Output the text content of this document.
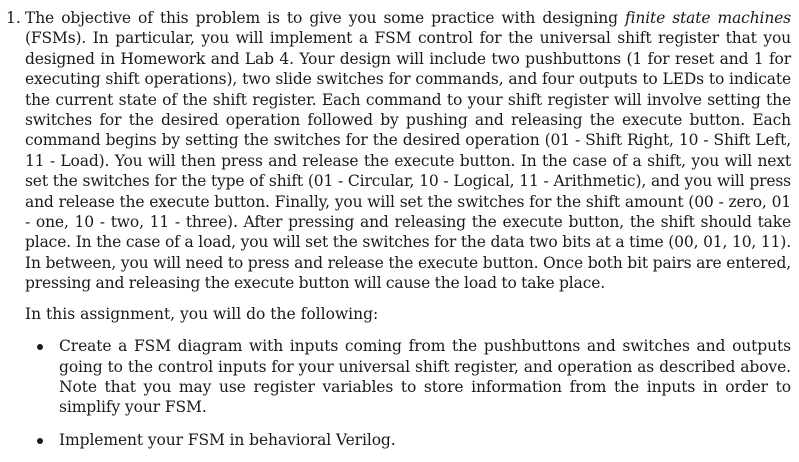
1. The objective of this problem is to give you some practice with designing finite state machines (FSMs). In particular, you will implement a FSM control for the universal shift register that you designed in Homework and Lab 4. Your design will include two pushbuttons (1 for reset and 1 for executing shift operations), two slide switches for commands, and four outputs to LEDs to indicate the current state of the shift register. Each command to your shift register will involve setting the switches for the desired operation followed by pushing and releasing the execute button. Each command begins by setting the switches for the desired operation (01 - Shift Right, 10 - Shift Left, 11 - Load). You will then press and release the execute button. In the case of a shift, you will next set the switches for the type of shift (01 - Circular, 10 - Logical, 11 - Arithmetic), and you will press and release the execute button. Finally, you will set the switches for the shift amount (00 - zero, 01 - one, 10 - two, 11 - three). After pressing and releasing the execute button, the shift should take place. In the case of a load, you will set the switches for the data two bits at a time (00, 01, 10, 11). In between, you will need to press and release the execute button. Once both bit pairs are entered, pressing and releasing the execute button will cause the load to take place.

In this assignment, you will do the following:

Create a FSM diagram with inputs coming from the pushbuttons and switches and outputs going to the control inputs for your universal shift register, and operation as described above. Note that you may use register variables to store information from the inputs in order to simplify your FSM.
Implement your FSM in behavioral Verilog.
